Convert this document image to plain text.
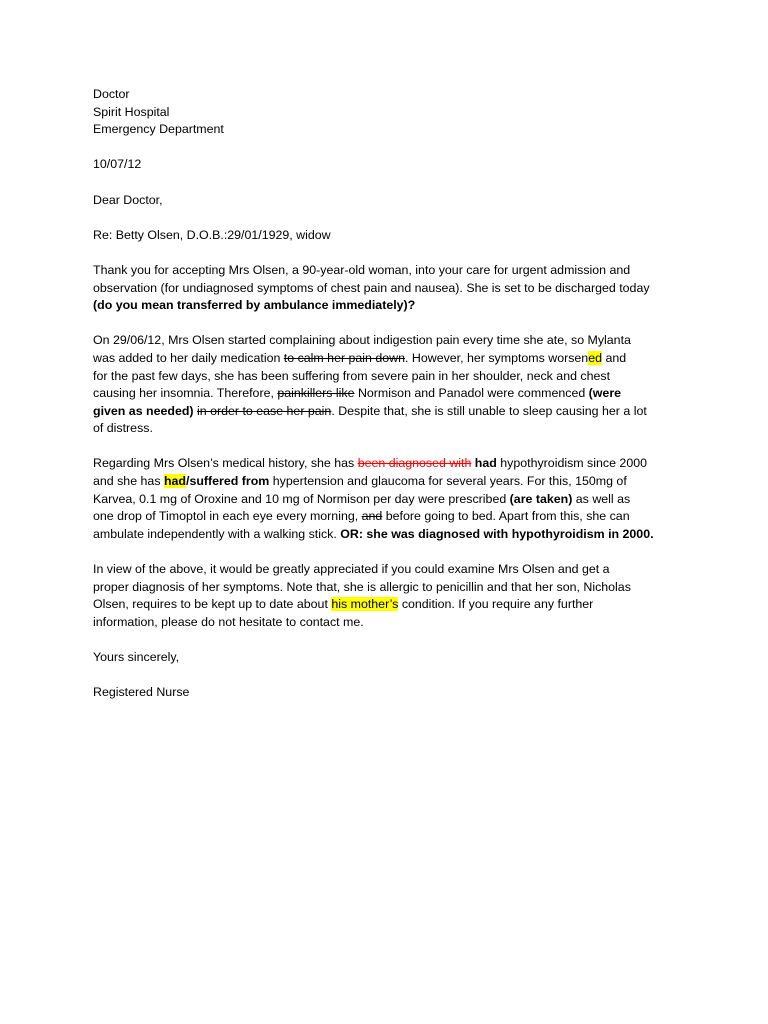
Doctor
Spirit Hospital
Emergency Department
10/07/12
Dear Doctor,
Re: Betty Olsen, D.O.B.:29/01/1929, widow
Thank you for accepting Mrs Olsen, a 90-year-old woman, into your care for urgent admission and
observation (for undiagnosed symptoms of chest pain and nausea). She is set to be discharged today
(do you mean transferred by ambulance immediately)?
On 29/06/12, Mrs Olsen started complaining about indigestion pain every time she ate, so Mylanta
was added to her daily medication to calm her pain down. However, her symptoms worsened and
for the past few days, she has been suffering from severe pain in her shoulder, neck and chest
causing her insomnia. Therefore, painkillers like Normison and Panadol were commenced (were
given as needed) in order to ease her pain. Despite that, she is still unable to sleep causing her a lot
of distress.
Regarding Mrs Olsen’s medical history, she has been diagnosed with had hypothyroidism since 2000
and she has had/suffered from hypertension and glaucoma for several years. For this, 150mg of
Karvea, 0.1 mg of Oroxine and 10 mg of Normison per day were prescribed (are taken) as well as
one drop of Timoptol in each eye every morning, and before going to bed. Apart from this, she can
ambulate independently with a walking stick. OR: she was diagnosed with hypothyroidism in 2000.
In view of the above, it would be greatly appreciated if you could examine Mrs Olsen and get a
proper diagnosis of her symptoms. Note that, she is allergic to penicillin and that her son, Nicholas
Olsen, requires to be kept up to date about his mother’s condition. If you require any further
information, please do not hesitate to contact me.
Yours sincerely,
Registered Nurse
